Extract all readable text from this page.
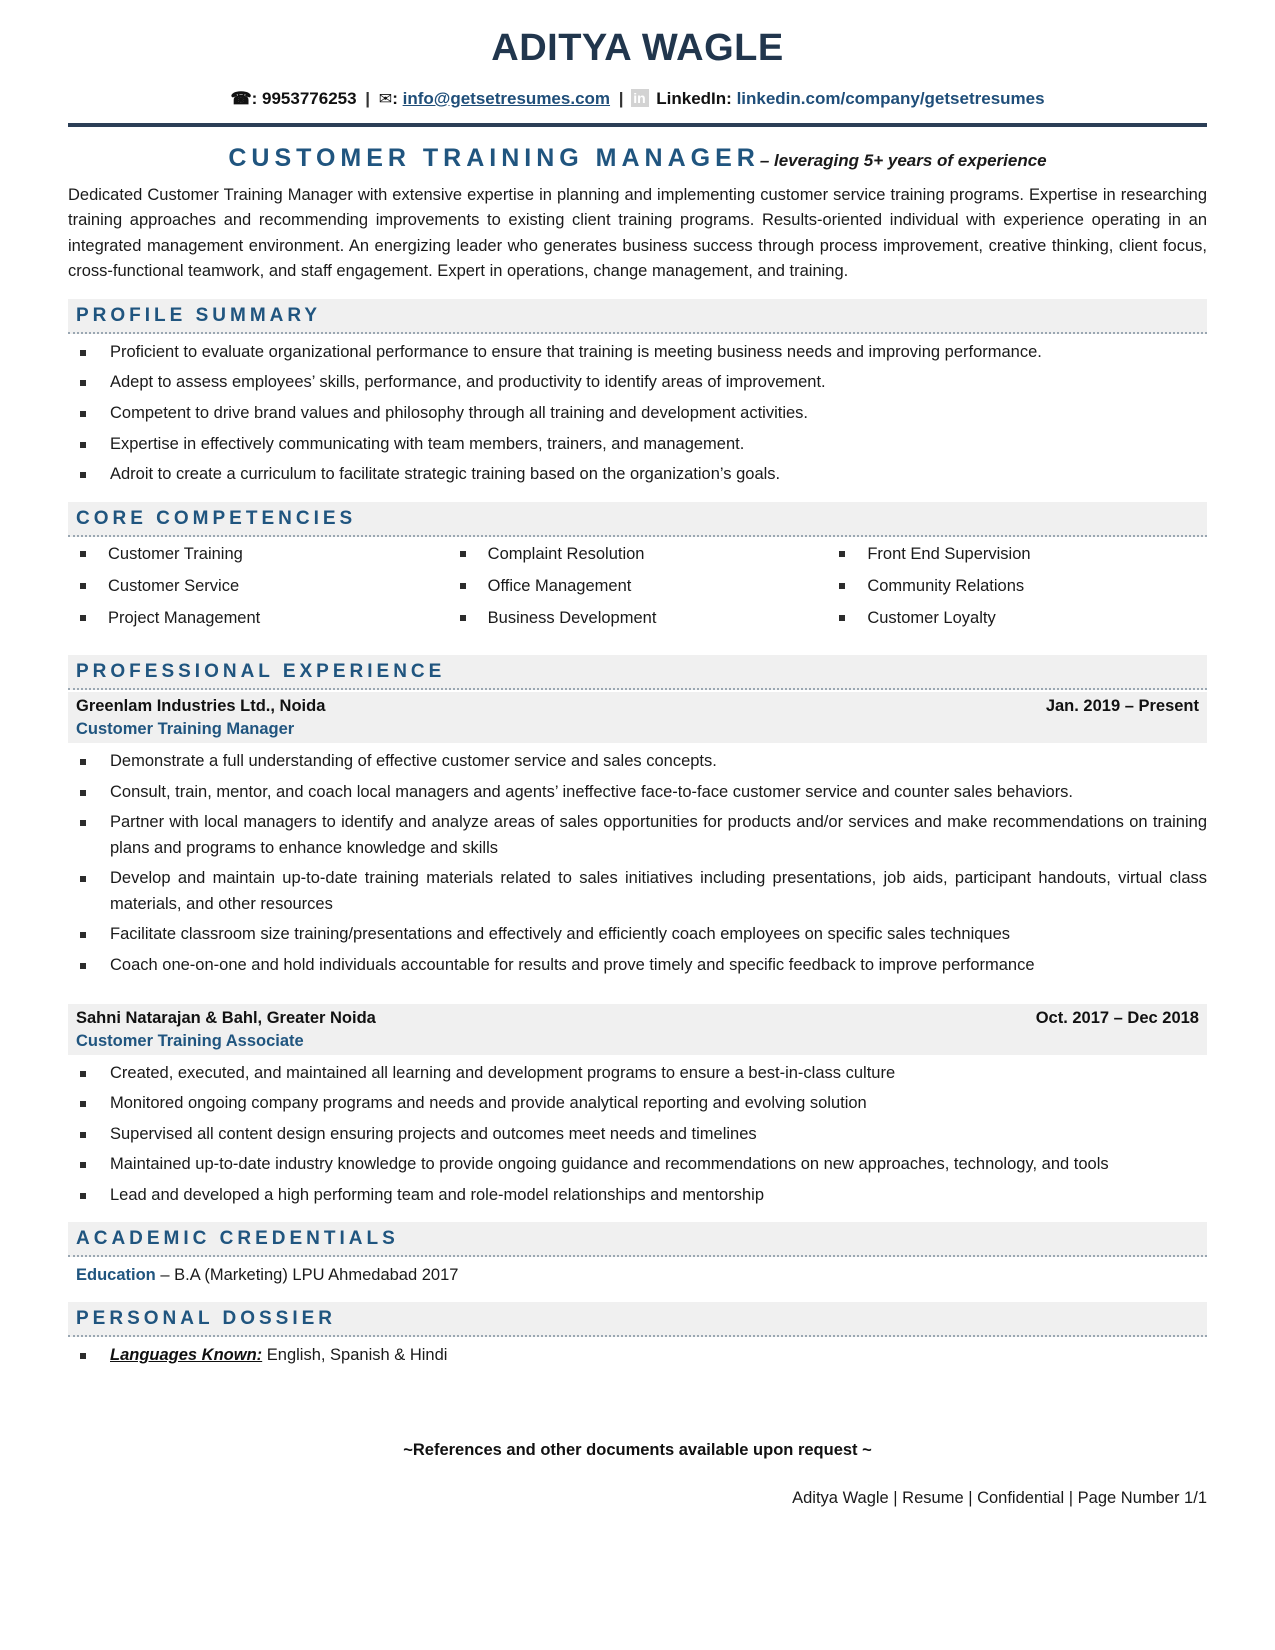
ADITYA WAGLE
☎: 9953776253 | ✉: info@getsetresumes.com | in LinkedIn: linkedin.com/company/getsetresumes
CUSTOMER TRAINING MANAGER– leveraging 5+ years of experience
Dedicated Customer Training Manager with extensive expertise in planning and implementing customer service training programs. Expertise in researching training approaches and recommending improvements to existing client training programs. Results-oriented individual with experience operating in an integrated management environment. An energizing leader who generates business success through process improvement, creative thinking, client focus, cross-functional teamwork, and staff engagement. Expert in operations, change management, and training.
PROFILE SUMMARY
Proficient to evaluate organizational performance to ensure that training is meeting business needs and improving performance.
Adept to assess employees’ skills, performance, and productivity to identify areas of improvement.
Competent to drive brand values and philosophy through all training and development activities.
Expertise in effectively communicating with team members, trainers, and management.
Adroit to create a curriculum to facilitate strategic training based on the organization’s goals.
CORE COMPETENCIES
Customer Training
Customer Service
Project Management
Complaint Resolution
Office Management
Business Development
Front End Supervision
Community Relations
Customer Loyalty
PROFESSIONAL EXPERIENCE
Greenlam Industries Ltd., Noida	Jan. 2019 – Present
Customer Training Manager
Demonstrate a full understanding of effective customer service and sales concepts.
Consult, train, mentor, and coach local managers and agents’ ineffective face-to-face customer service and counter sales behaviors.
Partner with local managers to identify and analyze areas of sales opportunities for products and/or services and make recommendations on training plans and programs to enhance knowledge and skills
Develop and maintain up-to-date training materials related to sales initiatives including presentations, job aids, participant handouts, virtual class materials, and other resources
Facilitate classroom size training/presentations and effectively and efficiently coach employees on specific sales techniques
Coach one-on-one and hold individuals accountable for results and prove timely and specific feedback to improve performance
Sahni Natarajan & Bahl, Greater Noida	Oct. 2017 – Dec 2018
Customer Training Associate
Created, executed, and maintained all learning and development programs to ensure a best-in-class culture
Monitored ongoing company programs and needs and provide analytical reporting and evolving solution
Supervised all content design ensuring projects and outcomes meet needs and timelines
Maintained up-to-date industry knowledge to provide ongoing guidance and recommendations on new approaches, technology, and tools
Lead and developed a high performing team and role-model relationships and mentorship
ACADEMIC CREDENTIALS
Education – B.A (Marketing) LPU Ahmedabad 2017
PERSONAL DOSSIER
Languages Known: English, Spanish & Hindi
~References and other documents available upon request ~
Aditya Wagle | Resume | Confidential | Page Number 1/1
